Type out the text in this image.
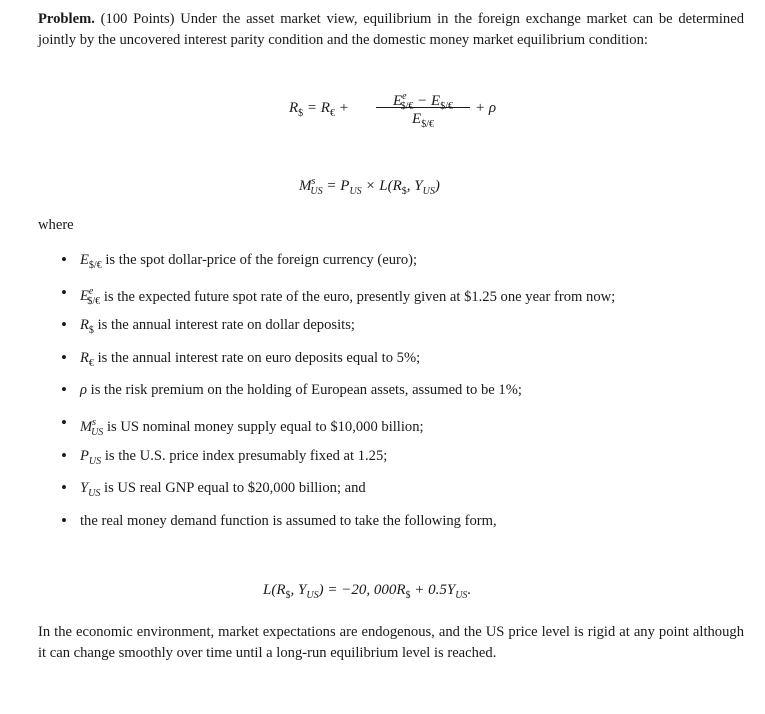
Problem. (100 Points) Under the asset market view, equilibrium in the foreign exchange market can be determined jointly by the uncovered interest parity condition and the domestic money market equilibrium condition:

$R_{\$} = R_€$ +	$E^e_{\$/€} - E_{\$/€}$
$E_{\$/€}$
+ ρ
$M^s_{US} = P_{US} \times L(R_{\$}$, $Y_{US}$)
where
• $E_{\$/€}$ is the spot dollar-price of the foreign currency (euro);
• $E^e_{\$/€}$ is the expected future spot rate of the euro, presently given at $1.25 one year from now;
• $R_{\$}$ is the annual interest rate on dollar deposits;
• $R_€$ is the annual interest rate on euro deposits equal to 5%;
• ρ is the risk premium on the holding of European assets, assumed to be 1%;
• $M^s_{US}$ is US nominal money supply equal to $10,000 billion;
• $P_{US}$ is the U.S. price index presumably fixed at 1.25;
• $Y_{US}$ is US real GNP equal to $20,000 billion; and
• the real money demand function is assumed to take the following form,
$L(R_{\$}$, $Y_{US}) = -20$, $000R_{\$} + 0.5Y_{US}$.

In the economic environment, market expectations are endogenous, and the US price level is rigid at any point although it can change smoothly over time until a long-run equilibrium level is reached.
